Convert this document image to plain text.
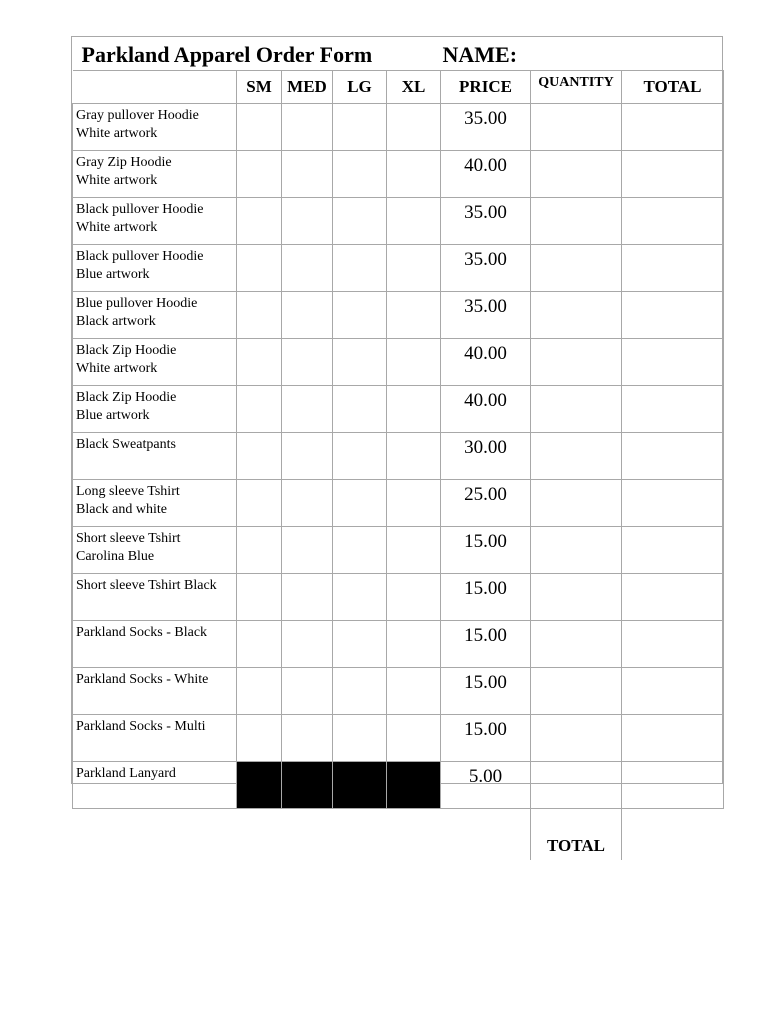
Parkland Apparel Order Form NAME:							

	SM	MED	LG	XL	PRICE	QUANTITY	TOTAL

Gray pullover Hoodie
White artwork					35.00		

Gray Zip Hoodie
White artwork					40.00		

Black pullover Hoodie
White artwork					35.00		

Black pullover Hoodie
Blue artwork					35.00		

Blue pullover Hoodie
Black artwork					35.00		

Black Zip Hoodie
White artwork					40.00		

Black Zip Hoodie
Blue artwork					40.00		

Black Sweatpants					30.00		

Long sleeve Tshirt
Black and white					25.00		

Short sleeve Tshirt
Carolina Blue					15.00		

Short sleeve Tshirt Black					15.00		

Parkland Socks - Black					15.00		

Parkland Socks - White					15.00		

Parkland Socks - Multi					15.00		

Parkland Lanyard					5.00		
						TOTAL	
